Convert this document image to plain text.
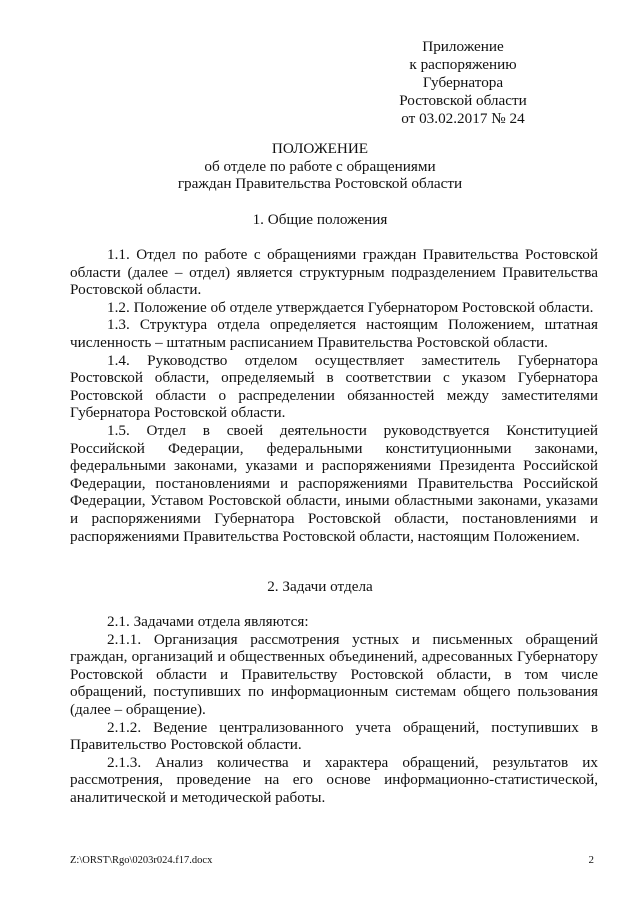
Приложение
к распоряжению
Губернатора
Ростовской области
от 03.02.2017 № 24
ПОЛОЖЕНИЕ
об отделе по работе с обращениями
граждан Правительства Ростовской области
1. Общие положения

1.1. Отдел по работе с обращениями граждан Правительства Ростовской области (далее – отдел) является структурным подразделением Правительства Ростовской области.

1.2. Положение об отделе утверждается Губернатором Ростовской области.

1.3. Структура отдела определяется настоящим Положением, штатная численность – штатным расписанием Правительства Ростовской области.

1.4. Руководство отделом осуществляет заместитель Губернатора Ростовской области, определяемый в соответствии с указом Губернатора Ростовской области о распределении обязанностей между заместителями Губернатора Ростовской области.

1.5. Отдел в своей деятельности руководствуется Конституцией Российской Федерации, федеральными конституционными законами, федеральными законами, указами и распоряжениями Президента Российской Федерации, постановлениями и распоряжениями Правительства Российской Федерации, Уставом Ростовской области, иными областными законами, указами и распоряжениями Губернатора Ростовской области, постановлениями и распоряжениями Правительства Ростовской области, настоящим Положением.

2. Задачи отдела

2.1. Задачами отдела являются:

2.1.1. Организация рассмотрения устных и письменных обращений граждан, организаций и общественных объединений, адресованных Губернатору Ростовской области и Правительству Ростовской области, в том числе обращений, поступивших по информационным системам общего пользования (далее – обращение).

2.1.2. Ведение централизованного учета обращений, поступивших в Правительство Ростовской области.

2.1.3. Анализ количества и характера обращений, результатов их рассмотрения, проведение на его основе информационно-статистической, аналитической и методической работы.

Z:\ORST\Rgo\0203r024.f17.docx	2
